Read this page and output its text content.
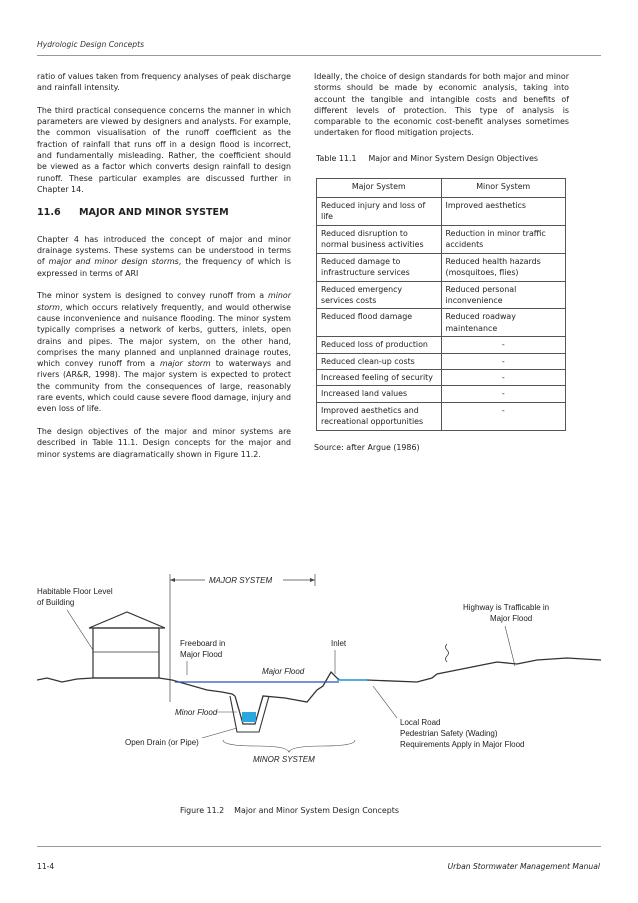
Hydrologic Design Concepts

ratio of values taken from frequency analyses of peak discharge and rainfall intensity.

The third practical consequence concerns the manner in which parameters are viewed by designers and analysts. For example, the common visualisation of the runoff coefficient as the fraction of rainfall that runs off in a design flood is incorrect, and fundamentally misleading. Rather, the coefficient should be viewed as a factor which converts design rainfall to design runoff. These particular examples are discussed further in Chapter 14.

11.6	MAJOR AND MINOR SYSTEM

Chapter 4 has introduced the concept of major and minor drainage systems. These systems can be understood in terms of major and minor design storms, the frequency of which is expressed in terms of ARI

The minor system is designed to convey runoff from a minor storm, which occurs relatively frequently, and would otherwise cause inconvenience and nuisance flooding. The minor system typically comprises a network of kerbs, gutters, inlets, open drains and pipes. The major system, on the other hand, comprises the many planned and unplanned drainage routes, which convey runoff from a major storm to waterways and rivers (AR&R, 1998). The major system is expected to protect the community from the consequences of large, reasonably rare events, which could cause severe flood damage, injury and even loss of life.

The design objectives of the major and minor systems are described in Table 11.1. Design concepts for the major and minor systems are diagramatically shown in Figure 11.2.

Ideally, the choice of design standards for both major and minor storms should be made by economic analysis, taking into account the tangible and intangible costs and benefits of different levels of protection. This type of analysis is comparable to the economic cost-benefit analyses sometimes undertaken for flood mitigation projects.

Table 11.1 Major and Minor System Design Objectives
Major System	Minor System
Reduced injury and loss of life	Improved aesthetics
Reduced disruption to normal business activities	Reduction in minor traffic accidents
Reduced damage to infrastructure services	Reduced health hazards (mosquitoes, flies)
Reduced emergency services costs	Reduced personal inconvenience
Reduced flood damage	Reduced roadway maintenance
Reduced loss of production	-
Reduced clean-up costs	-
Increased feeling of security	-
Increased land values	-
Improved aesthetics and recreational opportunities	-
Source: after Argue (1986)
MAJOR SYSTEM
Habitable Floor Level
of Building
Highway is Trafficable in
Major Flood
Freeboard in
Major Flood
Inlet
Major Flood
Minor Flood
Open Drain (or Pipe)
Local Road
Pedestrian Safety (Wading)
Requirements Apply in Major Flood
MINOR SYSTEM
Figure 11.2 Major and Minor System Design Concepts
11-4	Urban Stormwater Management Manual
